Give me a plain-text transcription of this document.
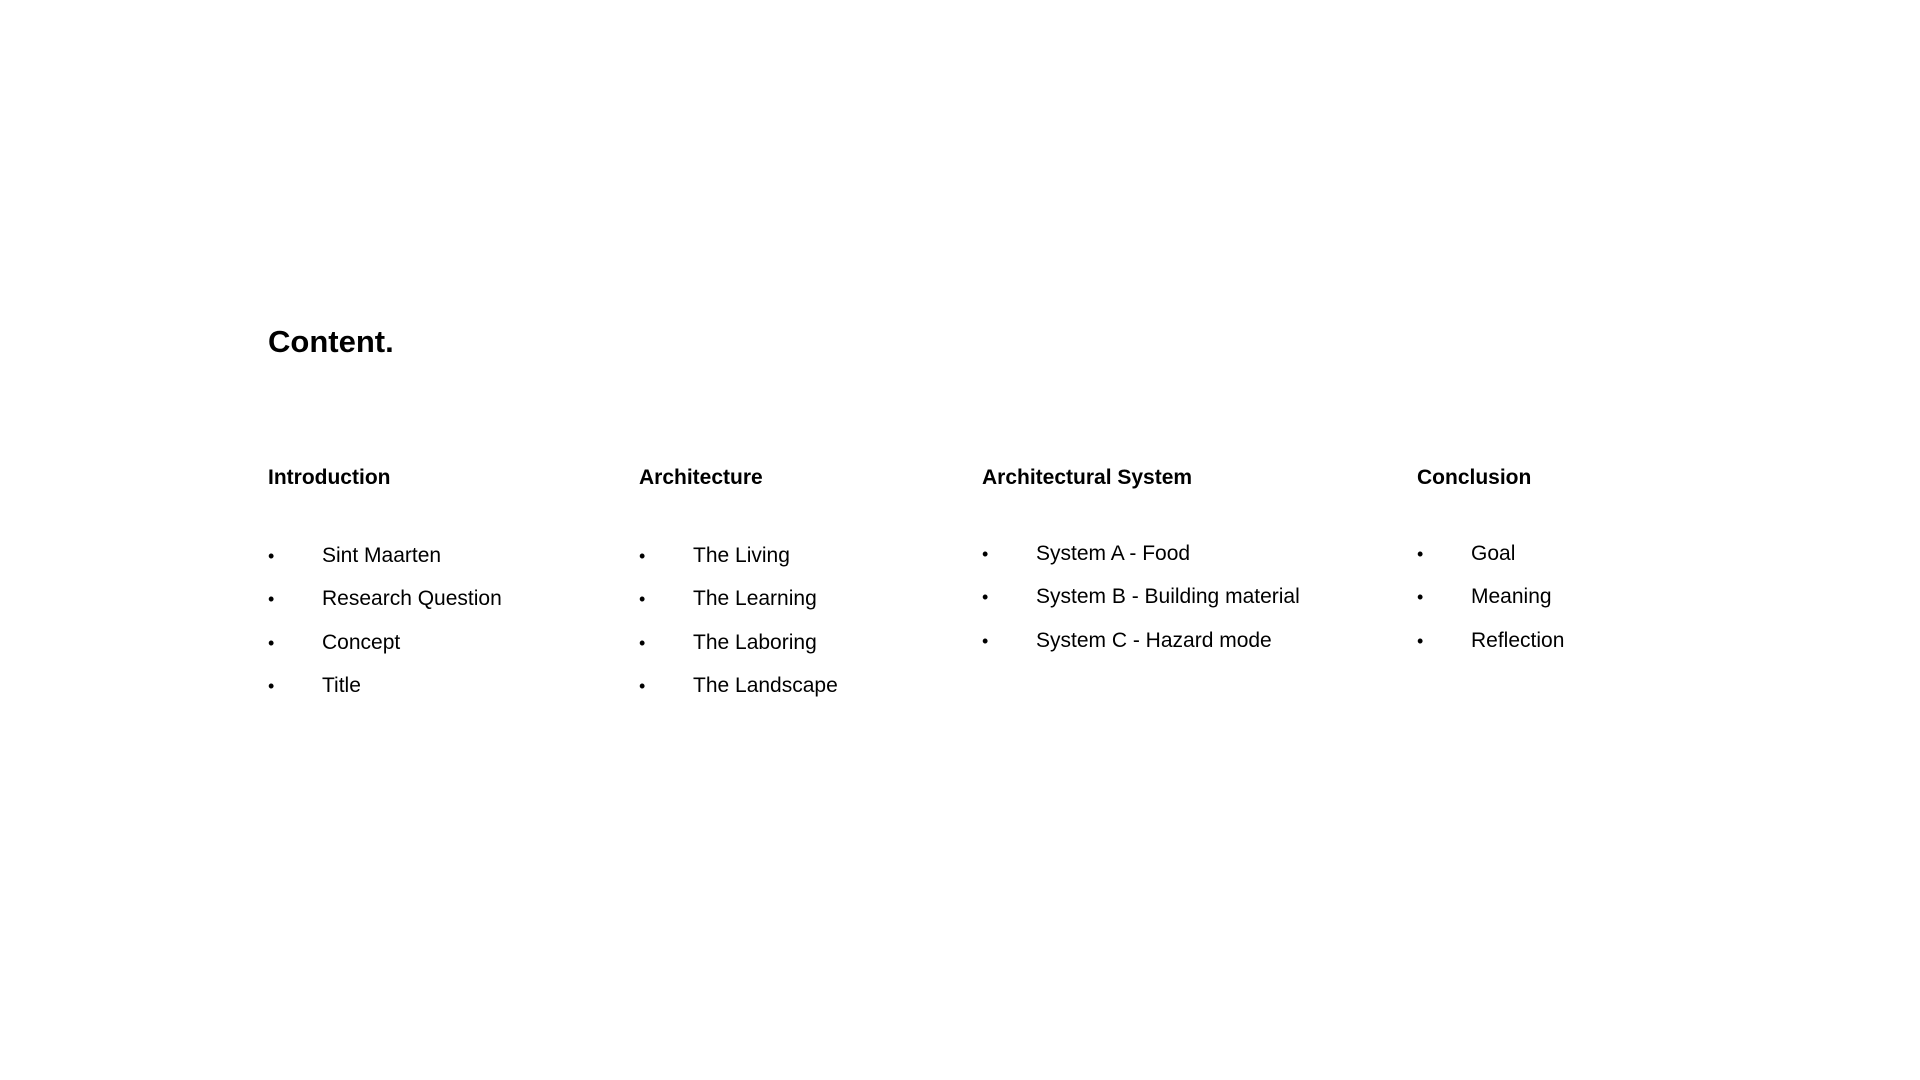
Content.
Introduction
•	Sint Maarten
•	Research Question
•	Concept
•	Title
Architecture
•	The Living
•	The Learning
•	The Laboring
•	The Landscape
Architectural System
•	System A - Food
•	System B - Building material
•	System C - Hazard mode
Conclusion
•	Goal
•	Meaning
•	Reflection
